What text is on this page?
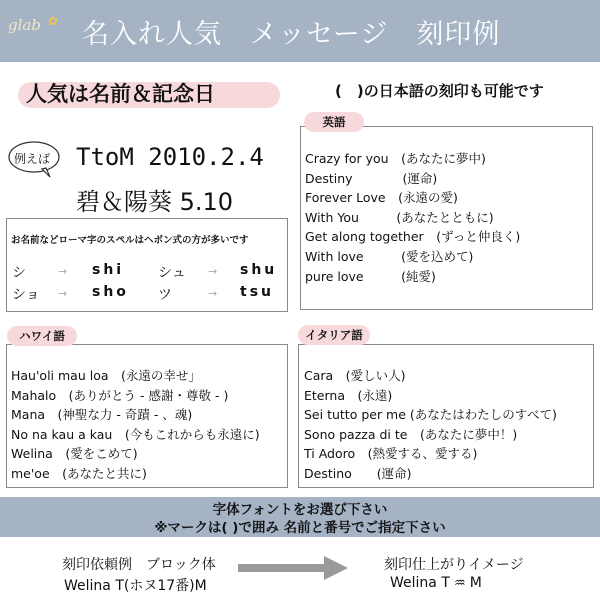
glab ✿ 名入れ人気　メッセージ　刻印例
人気は名前＆記念日	(　)の日本語の刻印も可能です
例えば TtoM 2010.2.4
碧＆陽葵 5.10
お名前などローマ字のスペルはヘボン式の方が多いです
シ	→ shi シュ → shu
ショ → sho ツ	→ tsu
英語
Crazy for you　(あなたに夢中)
Destiny　　　　(運命)
Forever Love　(永遠の愛)
With You　　　(あなたとともに)
Get along together　(ずっと仲良く)
With love　　　(愛を込めて)
pure love　　　(純愛)
ハワイ語
Hau'oli mau loa　(永遠の幸せ」
Mahalo　(ありがとう - 感謝・尊敬 - )
Mana　(神聖な力 - 奇蹟 - 、魂)
No na kau a kau　(今もこれからも永遠に)
Welina　(愛をこめて)
me'oe　(あなたと共に)
イタリア語
Cara　(愛しい人)
Eterna　(永遠)
Sei tutto per me (あなたはわたしのすべて)
Sono pazza di te　(あなたに夢中！)
Ti Adoro　(熱愛する、愛する)
Destino　　(運命)
字体フォントをお選び下さい
※マークは( )で囲み 名前と番号でご指定下さい
刻印依頼例　ブロック体
Welina T(ホヌ17番)M
刻印仕上がりイメージ
Welina T ♒ M
